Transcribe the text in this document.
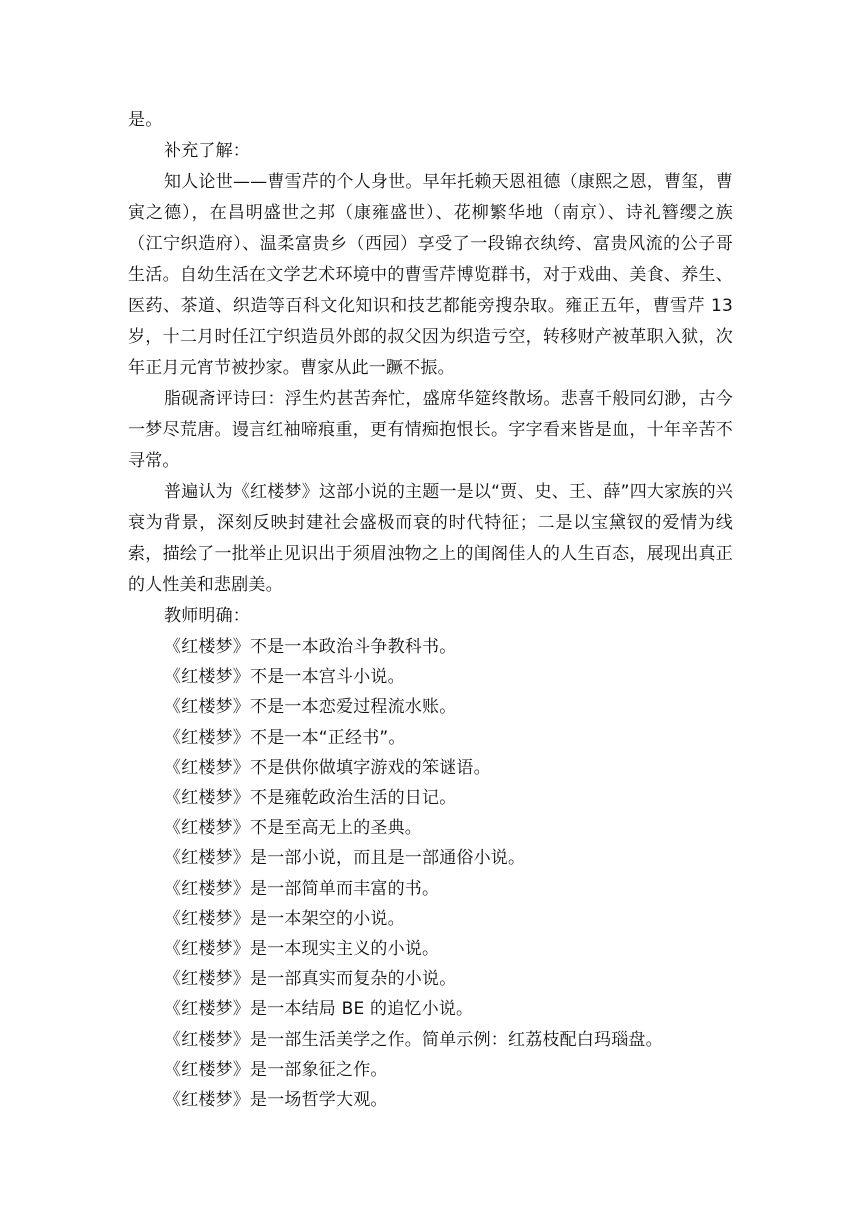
是。

补充了解：

知人论世——曹雪芹的个人身世。早年托赖天恩祖德（康熙之恩，曹玺，曹寅之德），在昌明盛世之邦（康雍盛世）、花柳繁华地（南京）、诗礼簪缨之族（江宁织造府）、温柔富贵乡（西园）享受了一段锦衣纨绔、富贵风流的公子哥生活。自幼生活在文学艺术环境中的曹雪芹博览群书，对于戏曲、美食、养生、医药、茶道、织造等百科文化知识和技艺都能旁搜杂取。雍正五年，曹雪芹 13 岁，十二月时任江宁织造员外郎的叔父因为织造亏空，转移财产被革职入狱，次年正月元宵节被抄家。曹家从此一蹶不振。

脂砚斋评诗曰：浮生灼甚苦奔忙，盛席华筵终散场。悲喜千般同幻渺，古今一梦尽荒唐。谩言红袖啼痕重，更有情痴抱恨长。字字看来皆是血，十年辛苦不寻常。

普遍认为《红楼梦》这部小说的主题一是以“贾、史、王、薛”四大家族的兴衰为背景，深刻反映封建社会盛极而衰的时代特征；二是以宝黛钗的爱情为线索，描绘了一批举止见识出于须眉浊物之上的闺阁佳人的人生百态，展现出真正的人性美和悲剧美。

教师明确：

《红楼梦》不是一本政治斗争教科书。

《红楼梦》不是一本宫斗小说。

《红楼梦》不是一本恋爱过程流水账。

《红楼梦》不是一本“正经书”。

《红楼梦》不是供你做填字游戏的笨谜语。

《红楼梦》不是雍乾政治生活的日记。

《红楼梦》不是至高无上的圣典。

《红楼梦》是一部小说，而且是一部通俗小说。

《红楼梦》是一部简单而丰富的书。

《红楼梦》是一本架空的小说。

《红楼梦》是一本现实主义的小说。

《红楼梦》是一部真实而复杂的小说。

《红楼梦》是一本结局 BE 的追忆小说。

《红楼梦》是一部生活美学之作。简单示例：红荔枝配白玛瑙盘。

《红楼梦》是一部象征之作。

《红楼梦》是一场哲学大观。
